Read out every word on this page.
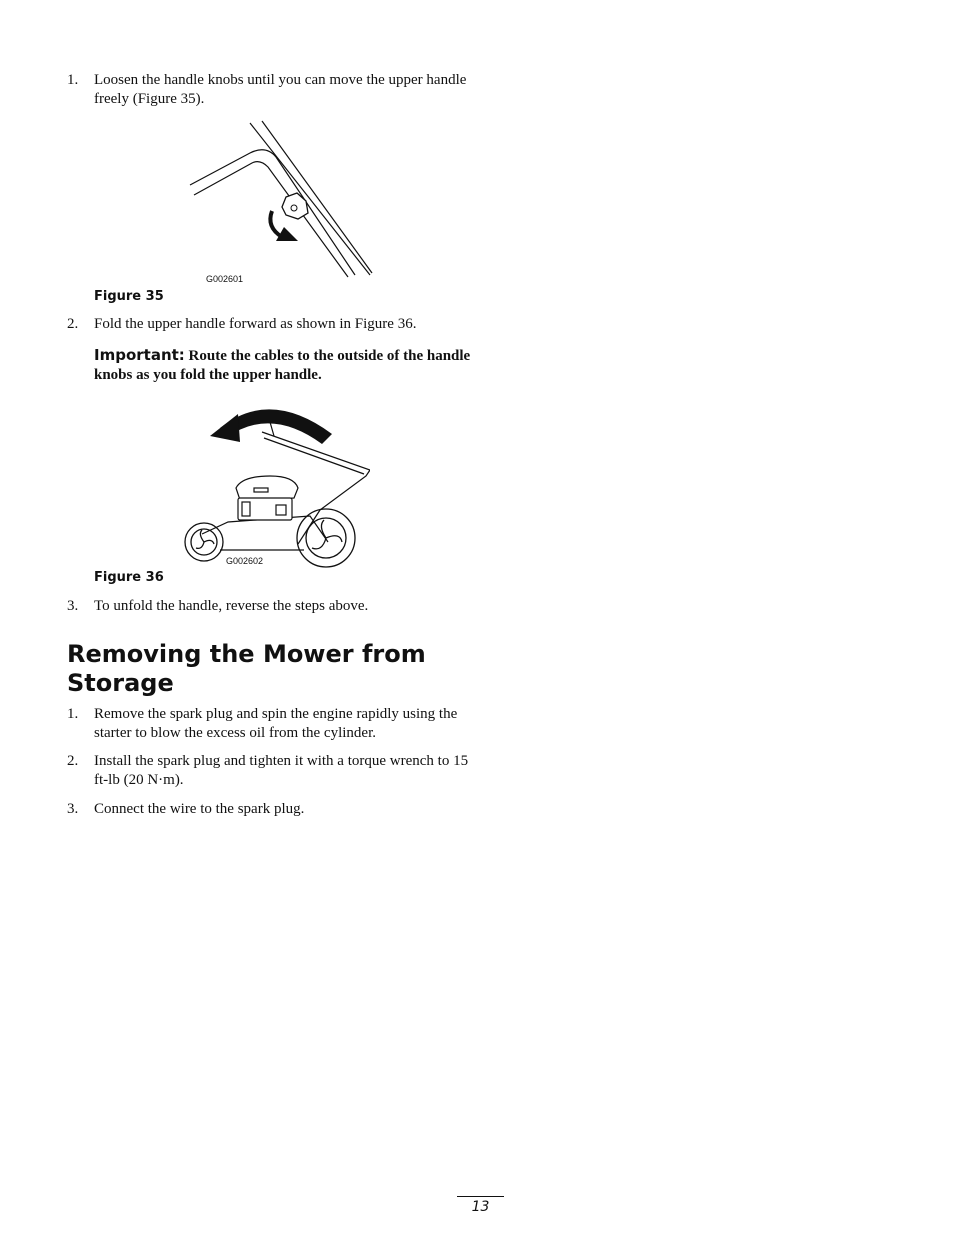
1. Loosen the handle knobs until you can move the upper handle freely (Figure 35).
G002601
Figure 35
2. Fold the upper handle forward as shown in Figure 36.
Important: Route the cables to the outside of the handle knobs as you fold the upper handle.
G002602
Figure 36
3. To unfold the handle, reverse the steps above.
Removing the Mower from Storage
1. Remove the spark plug and spin the engine rapidly using the starter to blow the excess oil from the cylinder.
2. Install the spark plug and tighten it with a torque wrench to 15 ft-lb (20 N·m).
3. Connect the wire to the spark plug.
13
